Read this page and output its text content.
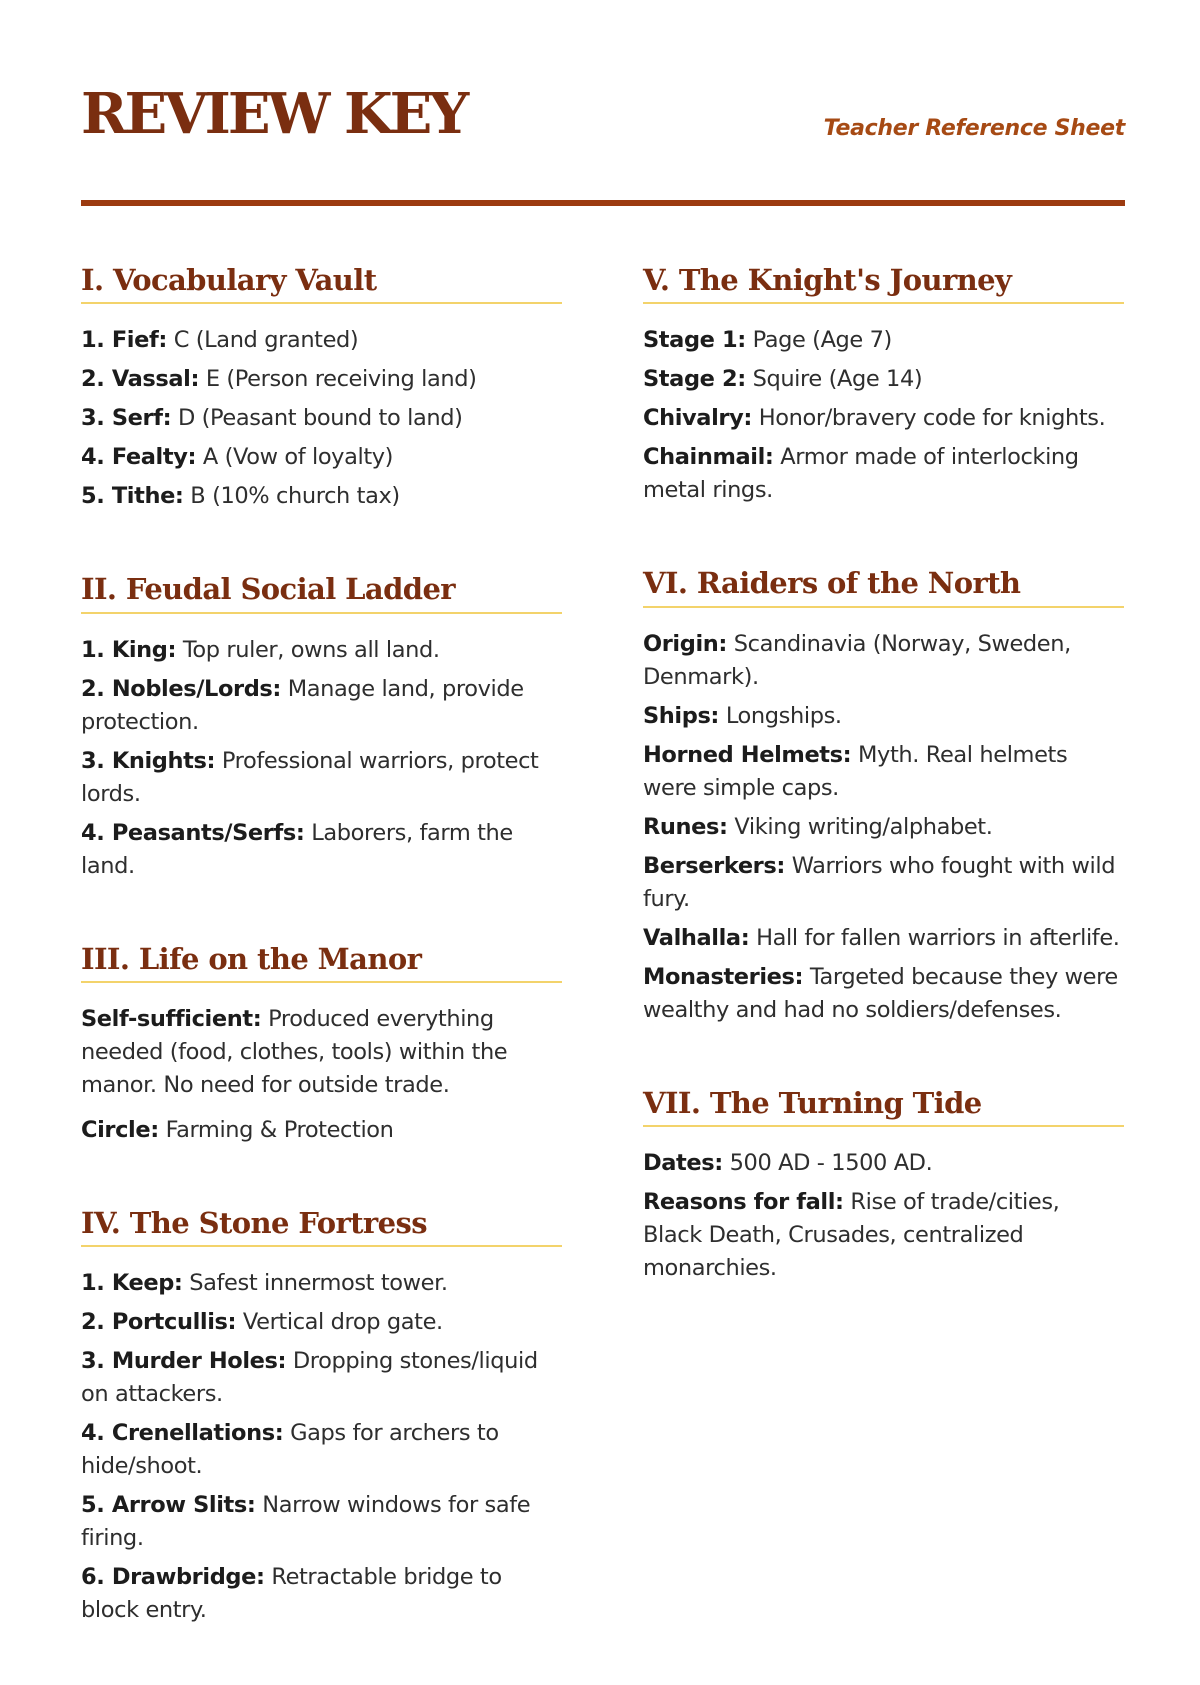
REVIEW KEY	Teacher Reference Sheet

I. Vocabulary Vault

1. Fief: C (Land granted)

2. Vassal: E (Person receiving land)

3. Serf: D (Peasant bound to land)

4. Fealty: A (Vow of loyalty)

5. Tithe: B (10% church tax)

II. Feudal Social Ladder

1. King: Top ruler, owns all land.

2. Nobles/Lords: Manage land, provide protection.

3. Knights: Professional warriors, protect lords.

4. Peasants/Serfs: Laborers, farm the land.

III. Life on the Manor

Self-sufficient: Produced everything needed (food, clothes, tools) within the manor. No need for outside trade.

Circle: Farming & Protection

IV. The Stone Fortress

1. Keep: Safest innermost tower.

2. Portcullis: Vertical drop gate.

3. Murder Holes: Dropping stones/liquid on attackers.

4. Crenellations: Gaps for archers to hide/shoot.

5. Arrow Slits: Narrow windows for safe firing.

6. Drawbridge: Retractable bridge to block entry.

V. The Knight's Journey

Stage 1: Page (Age 7)

Stage 2: Squire (Age 14)

Chivalry: Honor/bravery code for knights.

Chainmail: Armor made of interlocking metal rings.

VI. Raiders of the North

Origin: Scandinavia (Norway, Sweden, Denmark).

Ships: Longships.

Horned Helmets: Myth. Real helmets were simple caps.

Runes: Viking writing/alphabet.

Berserkers: Warriors who fought with wild fury.

Valhalla: Hall for fallen warriors in afterlife.

Monasteries: Targeted because they were wealthy and had no soldiers/defenses.

VII. The Turning Tide

Dates: 500 AD - 1500 AD.

Reasons for fall: Rise of trade/cities, Black Death, Crusades, centralized monarchies.
